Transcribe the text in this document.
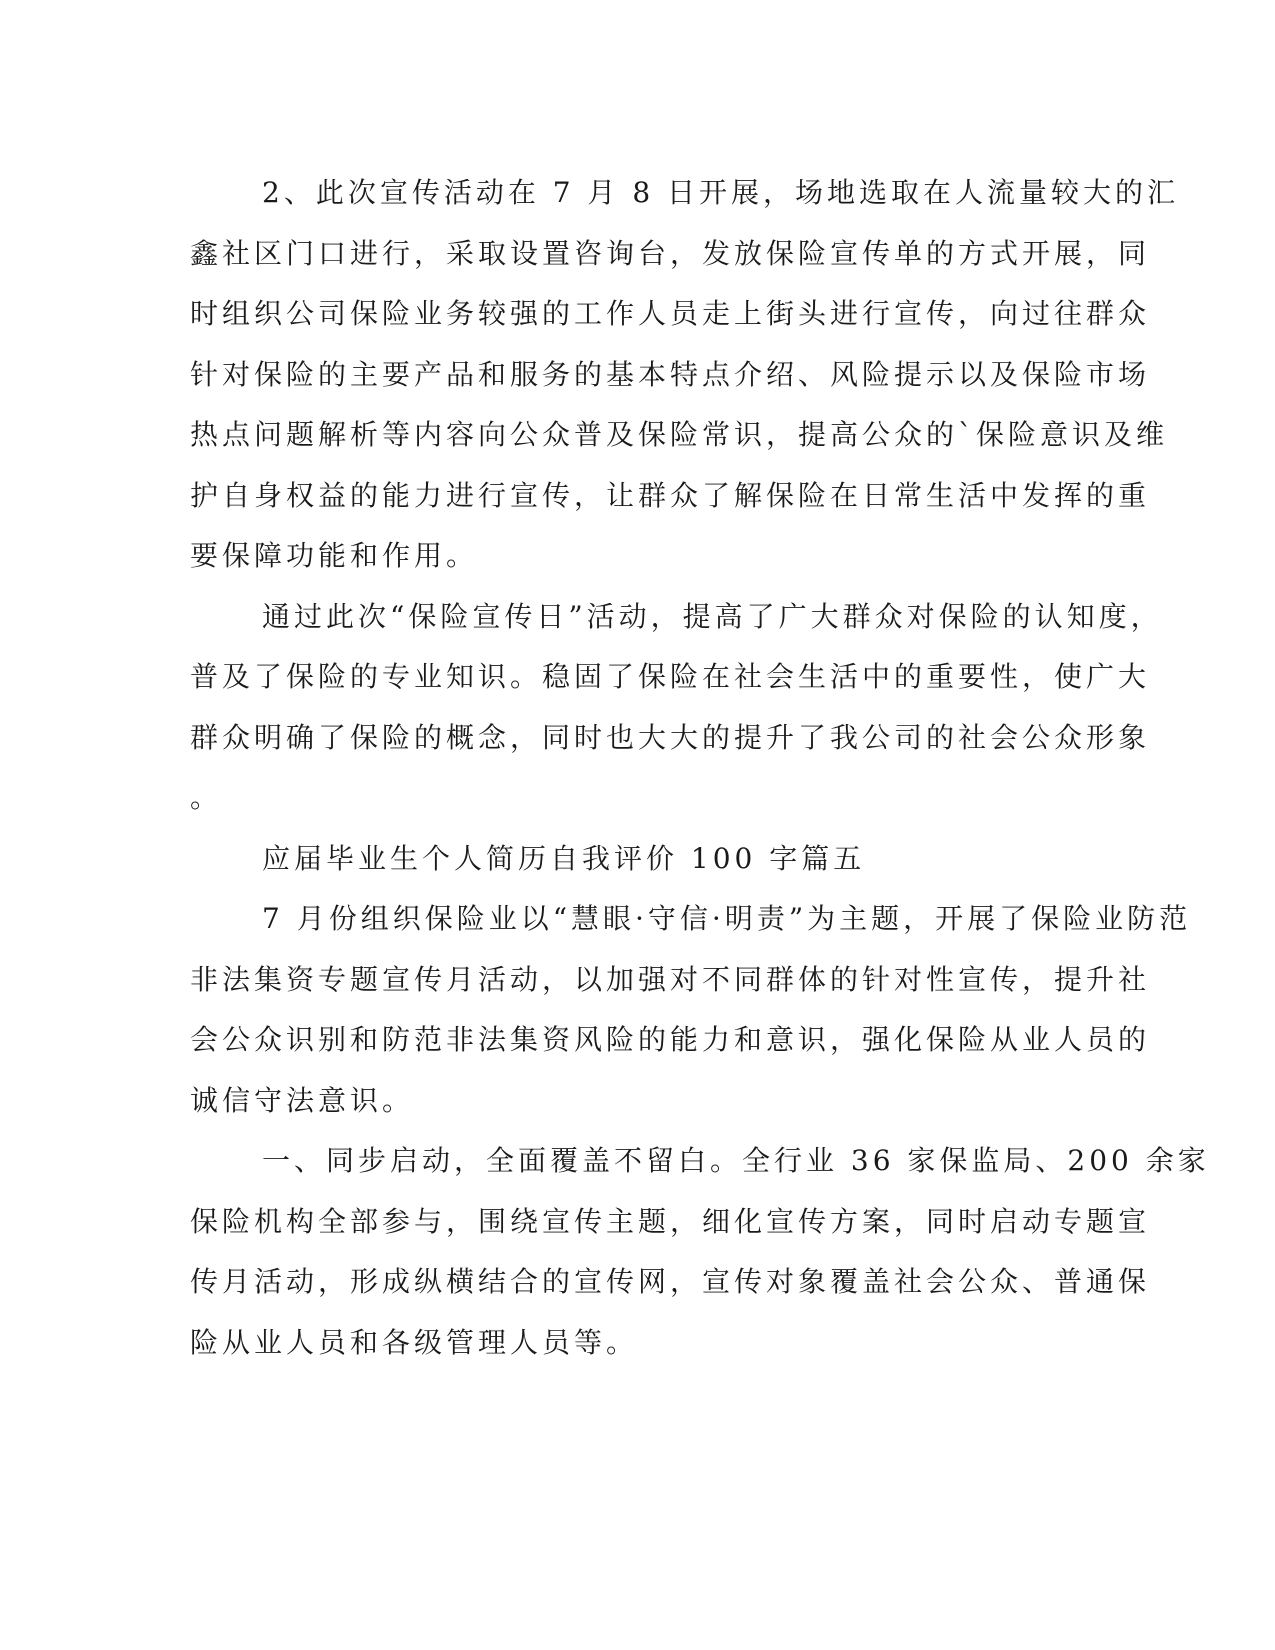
2、此次宣传活动在 7 月 8 日开展，场地选取在人流量较大的汇
鑫社区门口进行，采取设置咨询台，发放保险宣传单的方式开展，同
时组织公司保险业务较强的工作人员走上街头进行宣传，向过往群众
针对保险的主要产品和服务的基本特点介绍、风险提示以及保险市场
热点问题解析等内容向公众普及保险常识，提高公众的`保险意识及维
护自身权益的能力进行宣传，让群众了解保险在日常生活中发挥的重
要保障功能和作用。
通过此次“保险宣传日”活动，提高了广大群众对保险的认知度，
普及了保险的专业知识。稳固了保险在社会生活中的重要性，使广大
群众明确了保险的概念，同时也大大的提升了我公司的社会公众形象
。
应届毕业生个人简历自我评价 100 字篇五
7 月份组织保险业以“慧眼·守信·明责”为主题，开展了保险业防范
非法集资专题宣传月活动，以加强对不同群体的针对性宣传，提升社
会公众识别和防范非法集资风险的能力和意识，强化保险从业人员的
诚信守法意识。
一、同步启动，全面覆盖不留白。全行业 36 家保监局、200 余家
保险机构全部参与，围绕宣传主题，细化宣传方案，同时启动专题宣
传月活动，形成纵横结合的宣传网，宣传对象覆盖社会公众、普通保
险从业人员和各级管理人员等。
